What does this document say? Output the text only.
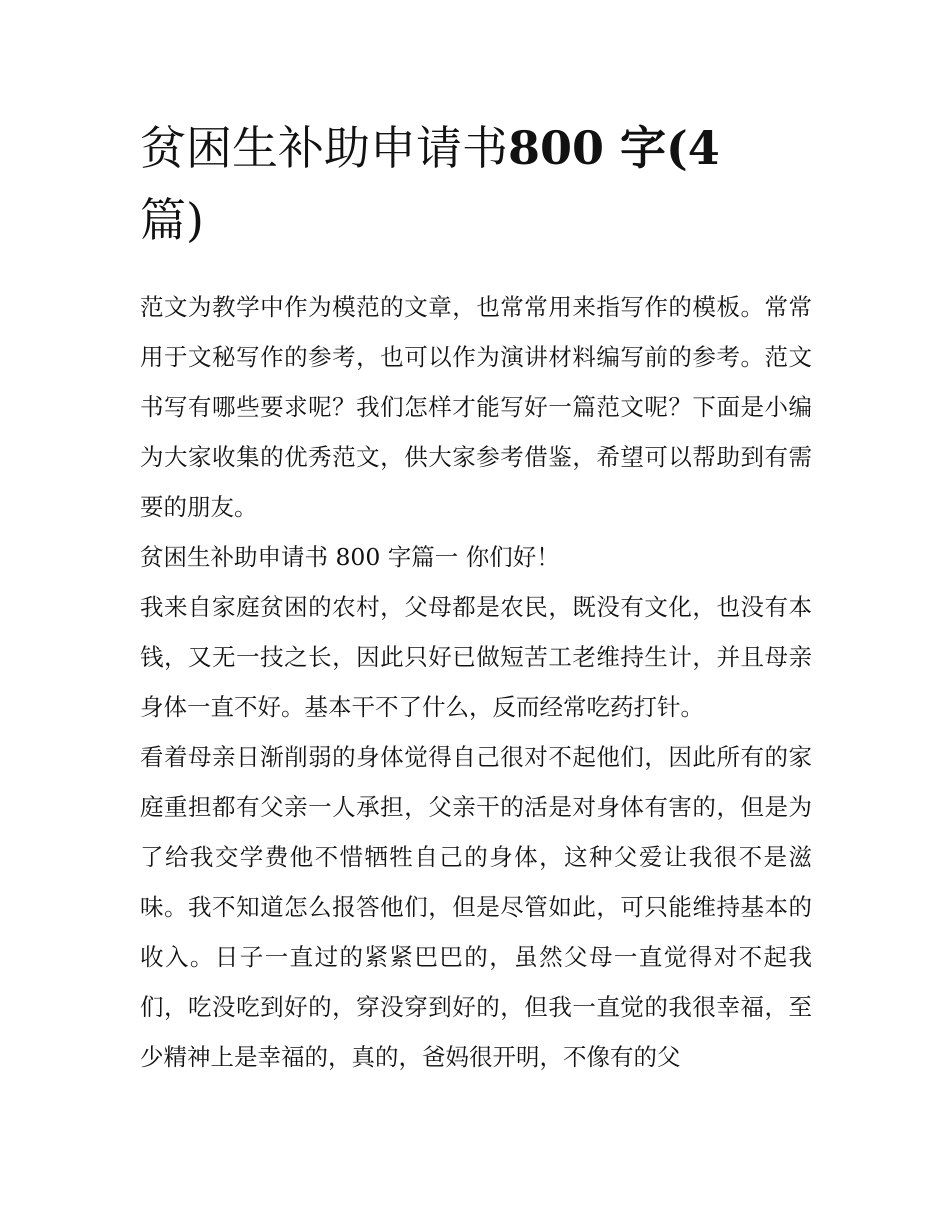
贫困生补助申请书800 字(4
篇)

范文为教学中作为模范的文章，也常常用来指写作的模板。常常用于文秘写作的参考，也可以作为演讲材料编写前的参考。范文书写有哪些要求呢？我们怎样才能写好一篇范文呢？下面是小编为大家收集的优秀范文，供大家参考借鉴，希望可以帮助到有需要的朋友。

贫困生补助申请书 800 字篇一 你们好！

我来自家庭贫困的农村，父母都是农民，既没有文化，也没有本钱，又无一技之长，因此只好已做短苦工老维持生计，并且母亲身体一直不好。基本干不了什么，反而经常吃药打针。

看着母亲日渐削弱的身体觉得自己很对不起他们，因此所有的家庭重担都有父亲一人承担，父亲干的活是对身体有害的，但是为了给我交学费他不惜牺牲自己的身体，这种父爱让我很不是滋味。我不知道怎么报答他们，但是尽管如此，可只能维持基本的收入。日子一直过的紧紧巴巴的，虽然父母一直觉得对不起我们，吃没吃到好的，穿没穿到好的，但我一直觉的我很幸福，至少精神上是幸福的，真的，爸妈很开明，不像有的父
